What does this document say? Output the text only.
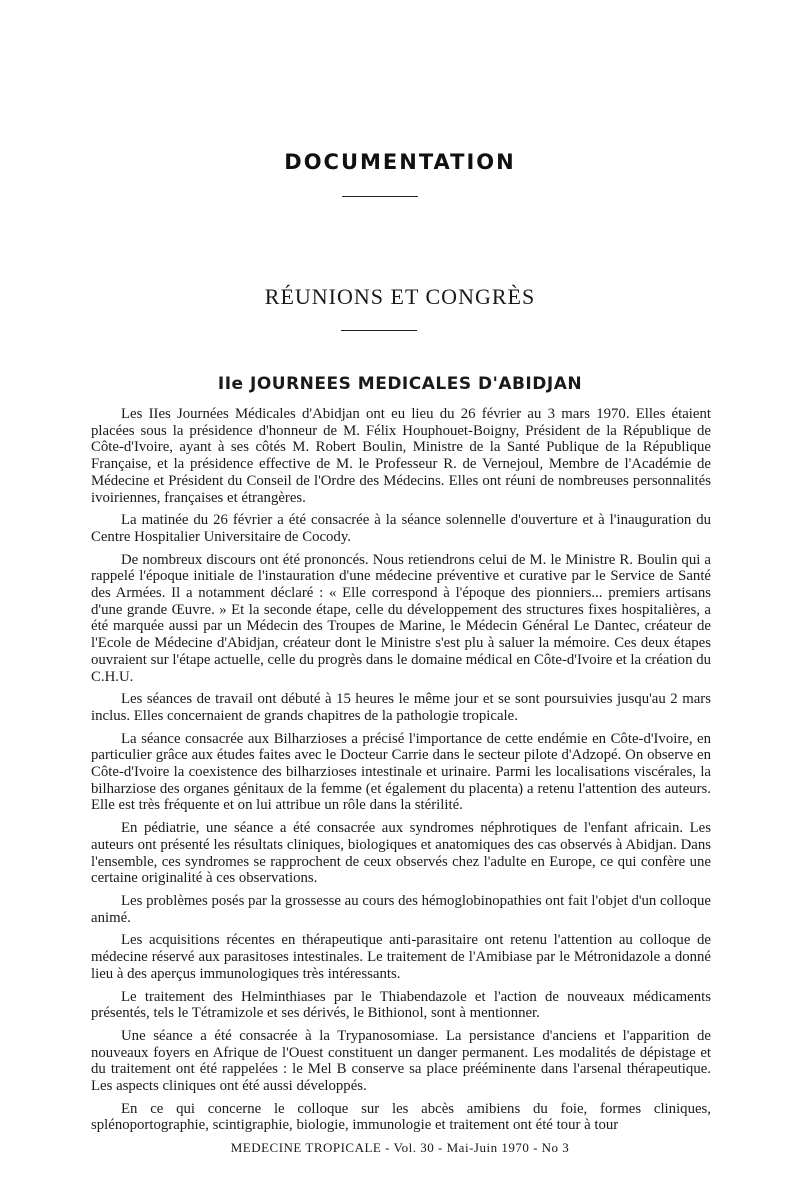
DOCUMENTATION
RÉUNIONS ET CONGRÈS
IIe JOURNEES MEDICALES D'ABIDJAN

Les IIes Journées Médicales d'Abidjan ont eu lieu du 26 février au 3 mars 1970. Elles étaient placées sous la présidence d'honneur de M. Félix Houphouet-Boigny, Président de la République de Côte-d'Ivoire, ayant à ses côtés M. Robert Boulin, Ministre de la Santé Publique de la République Française, et la présidence effective de M. le Professeur R. de Vernejoul, Membre de l'Académie de Médecine et Président du Conseil de l'Ordre des Médecins. Elles ont réuni de nombreuses personnalités ivoiriennes, françaises et étrangères.

La matinée du 26 février a été consacrée à la séance solennelle d'ouverture et à l'inauguration du Centre Hospitalier Universitaire de Cocody.

De nombreux discours ont été prononcés. Nous retiendrons celui de M. le Ministre R. Boulin qui a rappelé l'époque initiale de l'instauration d'une médecine préventive et curative par le Service de Santé des Armées. Il a notamment déclaré : « Elle correspond à l'époque des pionniers... premiers artisans d'une grande Œuvre. » Et la seconde étape, celle du développement des structures fixes hospitalières, a été marquée aussi par un Médecin des Troupes de Marine, le Médecin Général Le Dantec, créateur de l'Ecole de Médecine d'Abidjan, créateur dont le Ministre s'est plu à saluer la mémoire. Ces deux étapes ouvraient sur l'étape actuelle, celle du progrès dans le domaine médical en Côte-d'Ivoire et la création du C.H.U.

Les séances de travail ont débuté à 15 heures le même jour et se sont poursuivies jusqu'au 2 mars inclus. Elles concernaient de grands chapitres de la pathologie tropicale.

La séance consacrée aux Bilharzioses a précisé l'importance de cette endémie en Côte-d'Ivoire, en particulier grâce aux études faites avec le Docteur Carrie dans le secteur pilote d'Adzopé. On observe en Côte-d'Ivoire la coexistence des bilharzioses intestinale et urinaire. Parmi les localisations viscérales, la bilharziose des organes génitaux de la femme (et également du placenta) a retenu l'attention des auteurs. Elle est très fréquente et on lui attribue un rôle dans la stérilité.

En pédiatrie, une séance a été consacrée aux syndromes néphrotiques de l'enfant africain. Les auteurs ont présenté les résultats cliniques, biologiques et anatomiques des cas observés à Abidjan. Dans l'ensemble, ces syndromes se rapprochent de ceux observés chez l'adulte en Europe, ce qui confère une certaine originalité à ces observations.

Les problèmes posés par la grossesse au cours des hémoglobinopathies ont fait l'objet d'un colloque animé.

Les acquisitions récentes en thérapeutique anti-parasitaire ont retenu l'attention au colloque de médecine réservé aux parasitoses intestinales. Le traitement de l'Amibiase par le Métronidazole a donné lieu à des aperçus immunologiques très intéressants.

Le traitement des Helminthiases par le Thiabendazole et l'action de nouveaux médicaments présentés, tels le Tétramizole et ses dérivés, le Bithionol, sont à mentionner.

Une séance a été consacrée à la Trypanosomiase. La persistance d'anciens et l'apparition de nouveaux foyers en Afrique de l'Ouest constituent un danger permanent. Les modalités de dépistage et du traitement ont été rappelées : le Mel B conserve sa place prééminente dans l'arsenal thérapeutique. Les aspects cliniques ont été aussi développés.

En ce qui concerne le colloque sur les abcès amibiens du foie, formes cliniques, splénoportographie, scintigraphie, biologie, immunologie et traitement ont été tour à tour

MEDECINE TROPICALE - Vol. 30 - Mai-Juin 1970 - No 3
